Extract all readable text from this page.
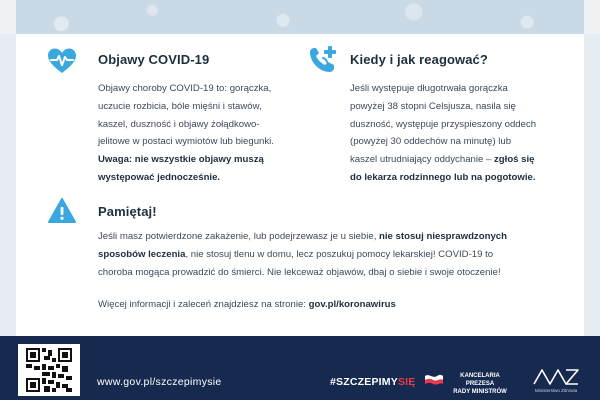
Objawy COVID-19
Objawy choroby COVID-19 to: gorączka,
uczucie rozbicia, bóle mięśni i stawów,
kaszel, duszność i objawy żołądkowo-
jelitowe w postaci wymiotów lub biegunki.
Uwaga: nie wszystkie objawy muszą
występować jednocześnie.
Kiedy i jak reagować?
Jeśli występuje długotrwała gorączka
powyżej 38 stopni Celsjusza, nasila się
duszność, występuje przyspieszony oddech
(powyżej 30 oddechów na minutę) lub
kaszel utrudniający oddychanie – zgłoś się
do lekarza rodzinnego lub na pogotowie.
Pamiętaj!
Jeśli masz potwierdzone zakażenie, lub podejrzewasz je u siebie, nie stosuj niesprawdzonych
sposobów leczenia, nie stosuj tlenu w domu, lecz poszukuj pomocy lekarskiej! COVID-19 to
choroba mogąca prowadzić do śmierci. Nie lekceważ objawów, dbaj o siebie i swoje otoczenie!
Więcej informacji i zaleceń znajdziesz na stronie: gov.pl/koronawirus
www.gov.pl/szczepimysie	#SZCZEPIMYSIĘ	KANCELARIA PREZESA
RADY MINISTRÓW	Ministerstwo Zdrowia
